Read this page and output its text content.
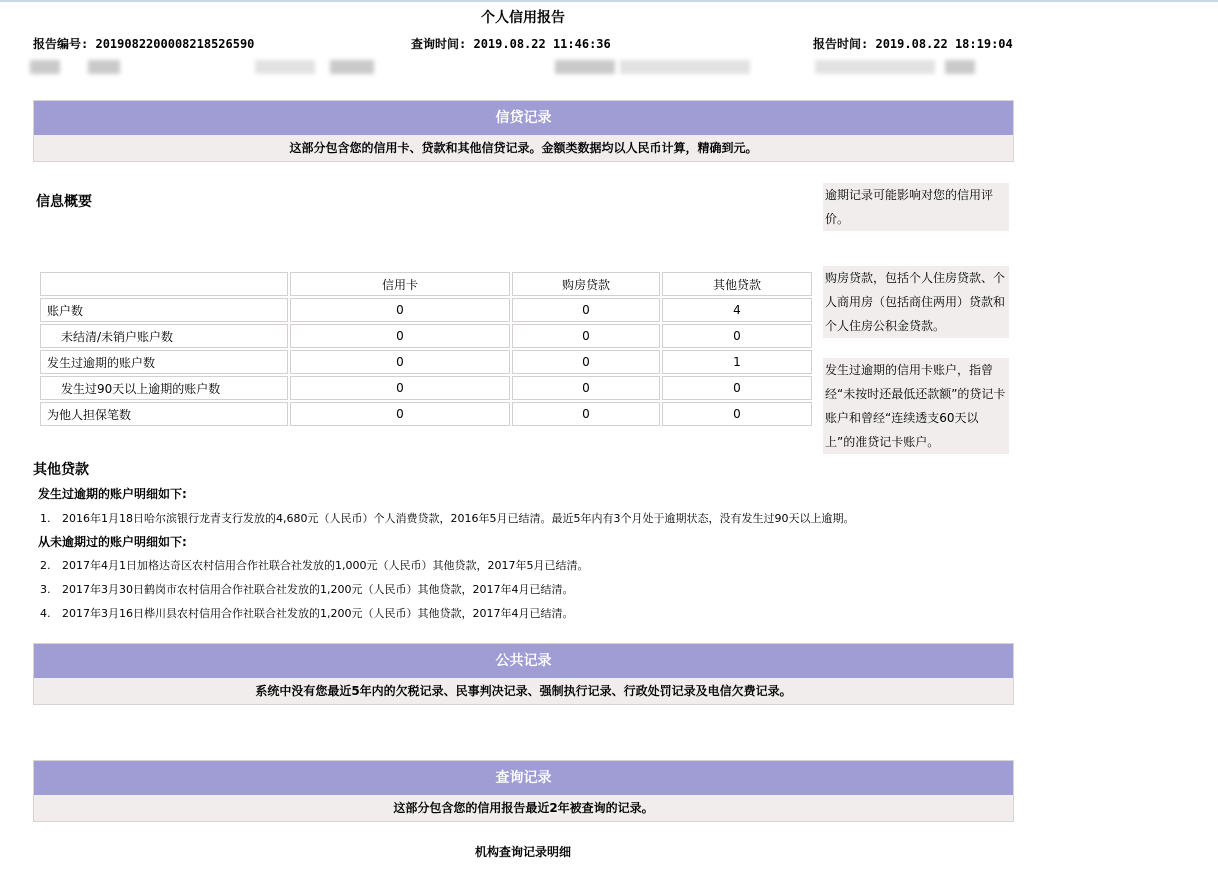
个人信用报告
报告编号: 2019082200008218526590	查询时间: 2019.08.22 11:46:36	报告时间: 2019.08.22 18:19:04
信贷记录
这部分包含您的信用卡、贷款和其他信贷记录。金额类数据均以人民币计算，精确到元。
信息概要	逾期记录可能影响对您的信用评价。
购房贷款，包括个人住房贷款、个人商用房（包括商住两用）贷款和个人住房公积金贷款。
发生过逾期的信用卡账户，指曾经“未按时还最低还款额”的贷记卡账户和曾经“连续透支60天以上”的准贷记卡账户。
	信用卡	购房贷款	其他贷款
账户数	0	0	4
未结清/未销户账户数	0	0	0
发生过逾期的账户数	0	0	1
发生过90天以上逾期的账户数	0	0	0
为他人担保笔数	0	0	0
其他贷款
发生过逾期的账户明细如下:
1. 2016年1月18日哈尔滨银行龙青支行发放的4,680元（人民币）个人消费贷款，2016年5月已结清。最近5年内有3个月处于逾期状态，没有发生过90天以上逾期。
从未逾期过的账户明细如下:
2. 2017年4月1日加格达奇区农村信用合作社联合社发放的1,000元（人民币）其他贷款，2017年5月已结清。
3. 2017年3月30日鹤岗市农村信用合作社联合社发放的1,200元（人民币）其他贷款，2017年4月已结清。
4. 2017年3月16日桦川县农村信用合作社联合社发放的1,200元（人民币）其他贷款，2017年4月已结清。
公共记录
系统中没有您最近5年内的欠税记录、民事判决记录、强制执行记录、行政处罚记录及电信欠费记录。
查询记录
这部分包含您的信用报告最近2年被查询的记录。
机构查询记录明细
